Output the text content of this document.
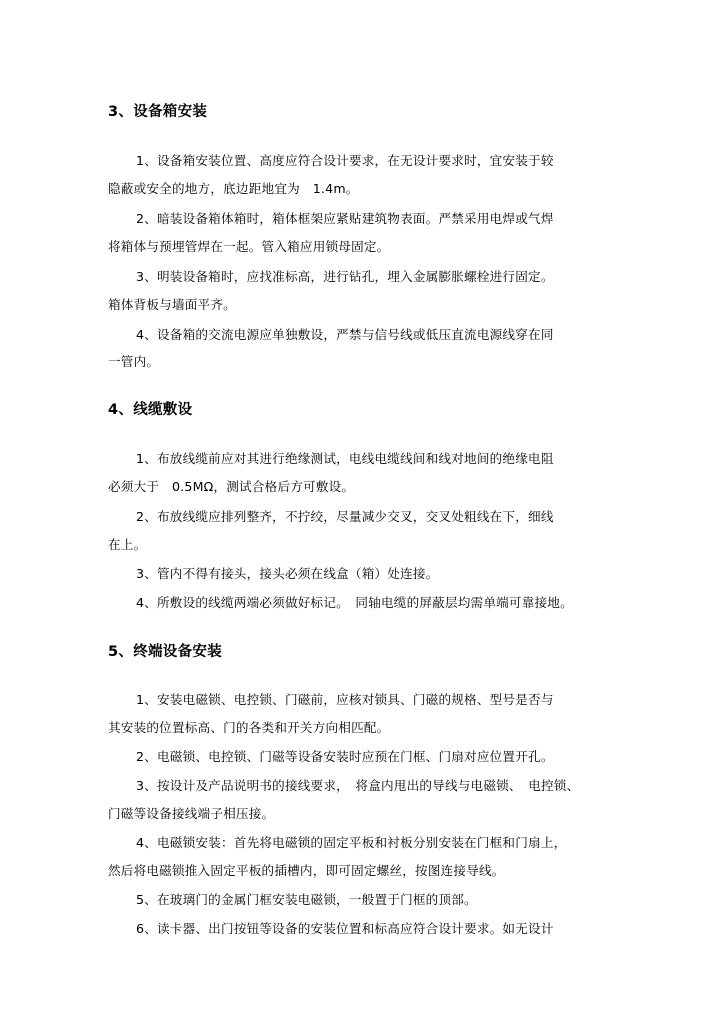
3、设备箱安装
1、设备箱安装位置、高度应符合设计要求，在无设计要求时，宜安装于较
隐蔽或安全的地方，底边距地宜为　1.4m。
2、暗装设备箱体箱时，箱体框架应紧贴建筑物表面。严禁采用电焊或气焊
将箱体与预埋管焊在一起。管入箱应用锁母固定。
3、明装设备箱时，应找准标高，进行钻孔，埋入金属膨胀螺栓进行固定。
箱体背板与墙面平齐。
4、设备箱的交流电源应单独敷设，严禁与信号线或低压直流电源线穿在同
一管内。
4、线缆敷设
1、布放线缆前应对其进行绝缘测试，电线电缆线间和线对地间的绝缘电阻
必须大于　0.5MΩ，测试合格后方可敷设。
2、布放线缆应排列整齐，不拧绞，尽量减少交叉，交叉处粗线在下，细线
在上。
3、管内不得有接头，接头必须在线盒（箱）处连接。
4、所敷设的线缆两端必须做好标记。　同轴电缆的屏蔽层均需单端可靠接地。
5、终端设备安装
1、安装电磁锁、电控锁、门磁前，应核对锁具、门磁的规格、型号是否与
其安装的位置标高、门的各类和开关方向相匹配。
2、电磁锁、电控锁、门磁等设备安装时应预在门框、门扇对应位置开孔。
3、按设计及产品说明书的接线要求，　将盒内甩出的导线与电磁锁、　电控锁、
门磁等设备接线端子相压接。
4、电磁锁安装：首先将电磁锁的固定平板和衬板分别安装在门框和门扇上，
然后将电磁锁推入固定平板的插槽内，即可固定螺丝，按图连接导线。
5、在玻璃门的金属门框安装电磁锁，一般置于门框的顶部。
6、读卡器、出门按钮等设备的安装位置和标高应符合设计要求。如无设计
